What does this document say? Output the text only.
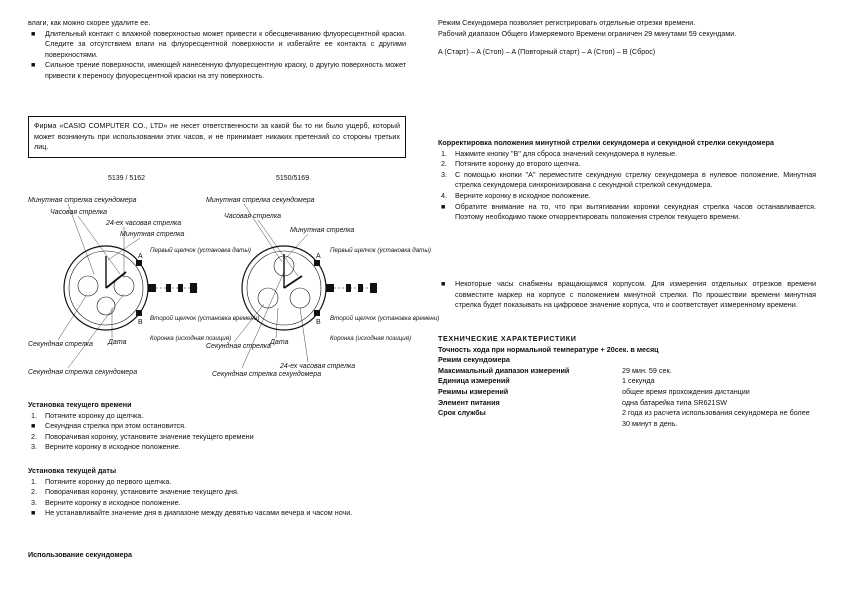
влаги, как можно скорее удалите ее.

■ Длительный контакт с влажной поверхностью может привести к обесцвечиванию флуоресцентной краски. Следите за отсутствием влаги на флуоресцентной поверхности и избегайте ее контакта с другими поверхностями.
■ Сильное трение поверхности, имеющей нанесенную флуоресцентную краску, о другую поверхность может привести к переносу флуоресцентной краски на эту поверхность.
Фирма «CASIO COMPUTER CO., LTD» не несет ответственности за какой бы то ни было ущерб, который может возникнуть при использовании этих часов, и не принимает никаких претензий со стороны третьих лиц.
5139 / 5162	5150/5169
Минутная стрелка секундомера
Часовая стрелка
24-ех часовая стрелка
Минутная стрелка
Первый щелчок (установка даты)
Второй щелчок (установка времени)
Коронка (исходная позиция)
A
B
Секундная стрелка Дата
Секундная стрелка секундомера
Минутная стрелка секундомера
Часовая стрелка
Минутная стрелка
Первый щелчок (установка даты)
Второй щелчок (установка времени)
Коронка (исходная позиция)
A
B
Секундная стрелка
Дата
Секундная стрелка секундомера
24-ех часовая стрелка

Установка текущего времени

1. Потяните коронку до щелчка.
■ Секундная стрелка при этом остановится.
2. Поворачивая коронку, установите значение текущего времени
3. Верните коронку в исходное положение.

Установка текущей даты

1. Потяните коронку до первого щелчка.
2. Поворачивая коронку, установите значение текущего дня.
3. Верните коронку в исходное положение.
■ Не устанавливайте значение дня в диапазоне между девятью часами вечера и часом ночи.

Использование секундомера

Режим Секундомера позволяет регистрировать отдельные отрезки времени.

Рабочий диапазон Общего Измеряемого Времени ограничен 29 минутами 59 секундами.

A (Старт) – A (Стоп) – A (Повторный старт) – A (Стоп) – B (Сброс)

Корректировка положения минутной стрелки секундомера и секундной стрелки секундомера

1. Нажмите кнопку "B" для сброса значений секундомера в нулевые.
2. Потяните коронку до второго щелчка.
3. С помощью кнопки "A" переместите секундную стрелку секундомера в нулевое положение. Минутная стрелка секундомера синхронизирована с секундной стрелкой секундомера.
4. Верните коронку в исходное положение.
■ Обратите внимание на то, что при вытягивании коронки секундная стрелка часов останавливается. Поэтому необходимо также откорректировать положения стрелок текущего времени.
■ Некоторые часы снабжены вращающимся корпусом. Для измерения отдельных отрезков времени совместите маркер на корпусе с положением минутной стрелки. По прошествии времени минутная стрелка будет показывать на цифровое значение корпуса, что и соответствует измеренному времени.

ТЕХНИЧЕСКИЕ ХАРАКТЕРИСТИКИ

Точность хода при нормальной температуре + 20сек. в месяц

Режим секундомера

Максимальный диапазон измерений	29 мин. 59 сек.
Единица измерений	1 секунда
Режимы измерений	общее время прохождения дистанции
Элемент питания	одна батарейка типа SR621SW
Срок службы	2 года из расчета использования секундомера не более 30 минут в день.
